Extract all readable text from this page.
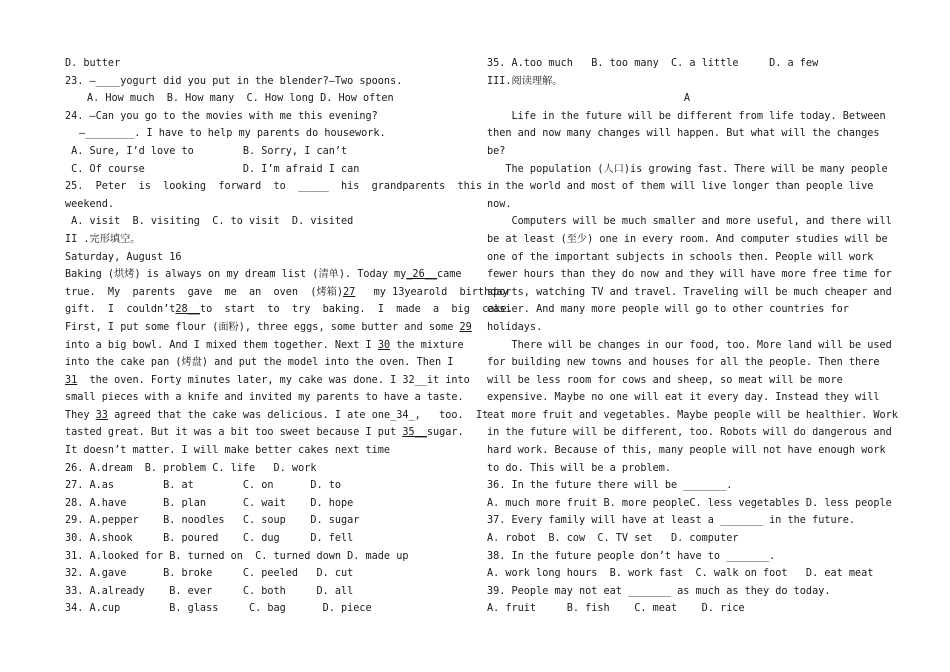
D. butter
23. —____yogurt did you put in the blender?—Two spoons.
A. How much  B. How many  C. How long D. How often
24. —Can you go to the movies with me this evening?
—________. I have to help my parents do housework.
A. Sure, I’d love to        B. Sorry, I can’t
C. Of course                D. I’m afraid I can
25.  Peter  is  looking  forward  to  _____  his  grandparents  this
weekend.
A. visit  B. visiting  C. to visit  D. visited
II .完形填空。
Saturday, August 16
Baking (烘烤) is always on my dream list (清单). Today my_26__came
true.  My  parents  gave  me  an  oven  (烤箱)27   my 13yearold  birthday
gift.  I  couldn’t28__to  start  to  try  baking.  I  made  a  big  cake.
First, I put some flour (面粉), three eggs, some butter and some 29
into a big bowl. And I mixed them together. Next I 30 the mixture
into the cake pan (烤盘) and put the model into the oven. Then I
31  the oven. Forty minutes later, my cake was done. I 32__it into
small pieces with a knife and invited my parents to have a taste.
They 33 agreed that the cake was delicious. I ate one_34_,   too.  It
tasted great. But it was a bit too sweet because I put 35__sugar.
It doesn’t matter. I will make better cakes next time
26. A.dream  B. problem C. life   D. work
27. A.as        B. at        C. on      D. to
28. A.have      B. plan      C. wait    D. hope
29. A.pepper    B. noodles   C. soup    D. sugar
30. A.shook     B. poured    C. dug     D. fell
31. A.looked for B. turned on  C. turned down D. made up
32. A.gave      B. broke     C. peeled   D. cut
33. A.already    B. ever     C. both     D. all
34. A.cup        B. glass     C. bag      D. piece
35. A.too much   B. too many  C. a little     D. a few
III.阅读理解。
A
Life in the future will be different from life today. Between
then and now many changes will happen. But what will the changes
be?
The population (人口)is growing fast. There will be many people
in the world and most of them will live longer than people live
now.
Computers will be much smaller and more useful, and there will
be at least (至少) one in every room. And computer studies will be
one of the important subjects in schools then. People will work
fewer hours than they do now and they will have more free time for
sports, watching TV and travel. Traveling will be much cheaper and
easier. And many more people will go to other countries for
holidays.
There will be changes in our food, too. More land will be used
for building new towns and houses for all the people. Then there
will be less room for cows and sheep, so meat will be more
expensive. Maybe no one will eat it every day. Instead they will
eat more fruit and vegetables. Maybe people will be healthier. Work
in the future will be different, too. Robots will do dangerous and
hard work. Because of this, many people will not have enough work
to do. This will be a problem.
36. In the future there will be _______.
A. much more fruit B. more peopleC. less vegetables D. less people
37. Every family will have at least a _______ in the future.
A. robot  B. cow  C. TV set   D. computer
38. In the future people don’t have to _______.
A. work long hours  B. work fast  C. walk on foot   D. eat meat
39. People may not eat _______ as much as they do today.
A. fruit     B. fish    C. meat    D. rice
